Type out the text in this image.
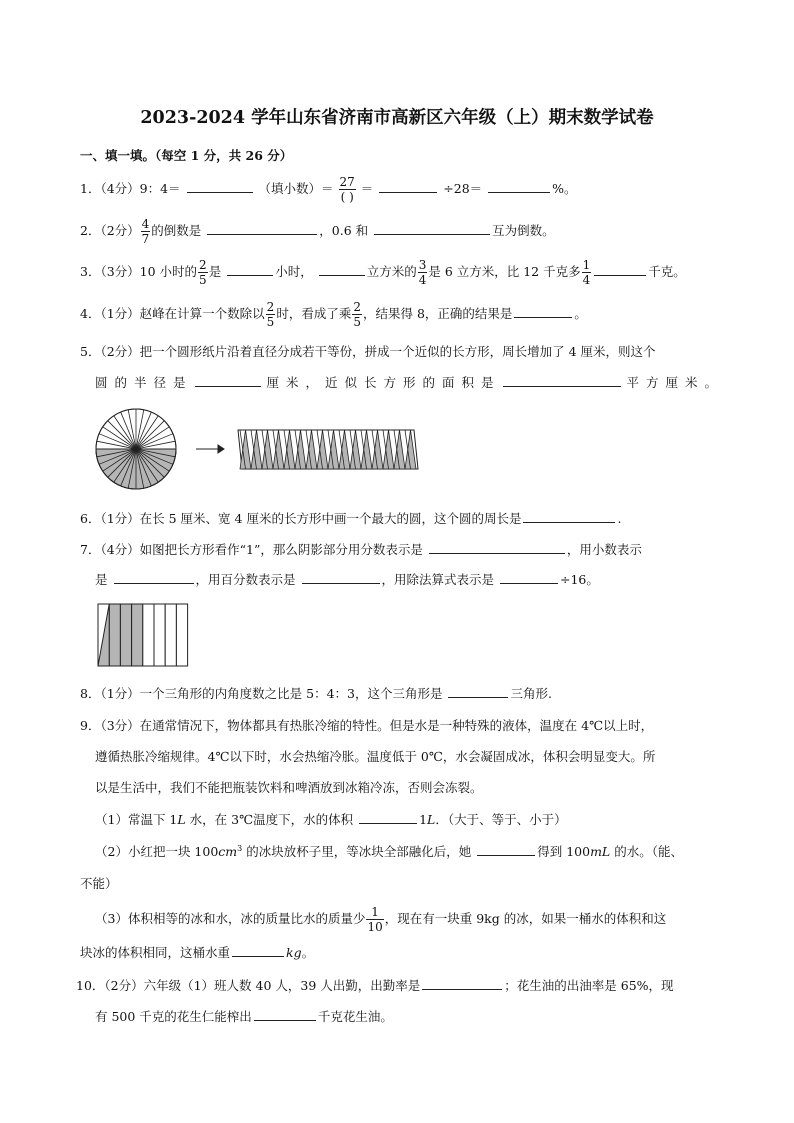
2023-2024 学年山东省济南市高新区六年级（上）期末数学试卷
一、填一填。（每空 1 分，共 26 分）
1．（4分）9：4＝	（填小数）＝ $\frac{27}{( )}$ ＝	÷28＝	%。
2．（2分） $\frac{4}{7}$ 的倒数是	，0.6 和	互为倒数。
3．（3分）10 小时的 $\frac{2}{5}$ 是	小时，	立方米的 $\frac{3}{4}$ 是 6 立方米，比 12 千克多 $\frac{1}{4}$	千克。
4．（1分）赵峰在计算一个数除以 $\frac{2}{5}$ 时，看成了乘 $\frac{2}{5}$ ，结果得 8，正确的结果是	。
5．（2分）把一个圆形纸片沿着直径分成若干等份，拼成一个近似的长方形，周长增加了 4 厘米，则这个
圆的半径是	厘米，近似长方形的面积是	平方厘米。
6．（1分）在长 5 厘米、宽 4 厘米的长方形中画一个最大的圆，这个圆的周长是	.
7．（4分）如图把长方形看作“1”，那么阴影部分用分数表示是	，用小数表示
是	，用百分数表示是	，用除法算式表示是	÷16。
8．（1分）一个三角形的内角度数之比是 5：4：3，这个三角形是	三角形.
9．（3分）在通常情况下，物体都具有热胀冷缩的特性。但是水是一种特殊的液体，温度在 4℃以上时，
遵循热胀冷缩规律。4℃以下时，水会热缩冷胀。温度低于 0℃，水会凝固成冰，体积会明显变大。所
以是生活中，我们不能把瓶装饮料和啤酒放到冰箱冷冻，否则会冻裂。
（1）常温下 1L 水，在 3℃温度下，水的体积	1L．（大于、等于、小于）
（2）小红把一块 $100cm^3$ 的冰块放杯子里，等冰块全部融化后，她	得到 100mL 的水。（能、
不能）
（3）体积相等的冰和水，冰的质量比水的质量少 $\frac{1}{10}$ ，现在有一块重 9kg 的冰，如果一桶水的体积和这
块冰的体积相同，这桶水重	kg。
10．（2分）六年级（1）班人数 40 人，39 人出勤，出勤率是	；花生油的出油率是 65%，现
有 500 千克的花生仁能榨出	千克花生油。
